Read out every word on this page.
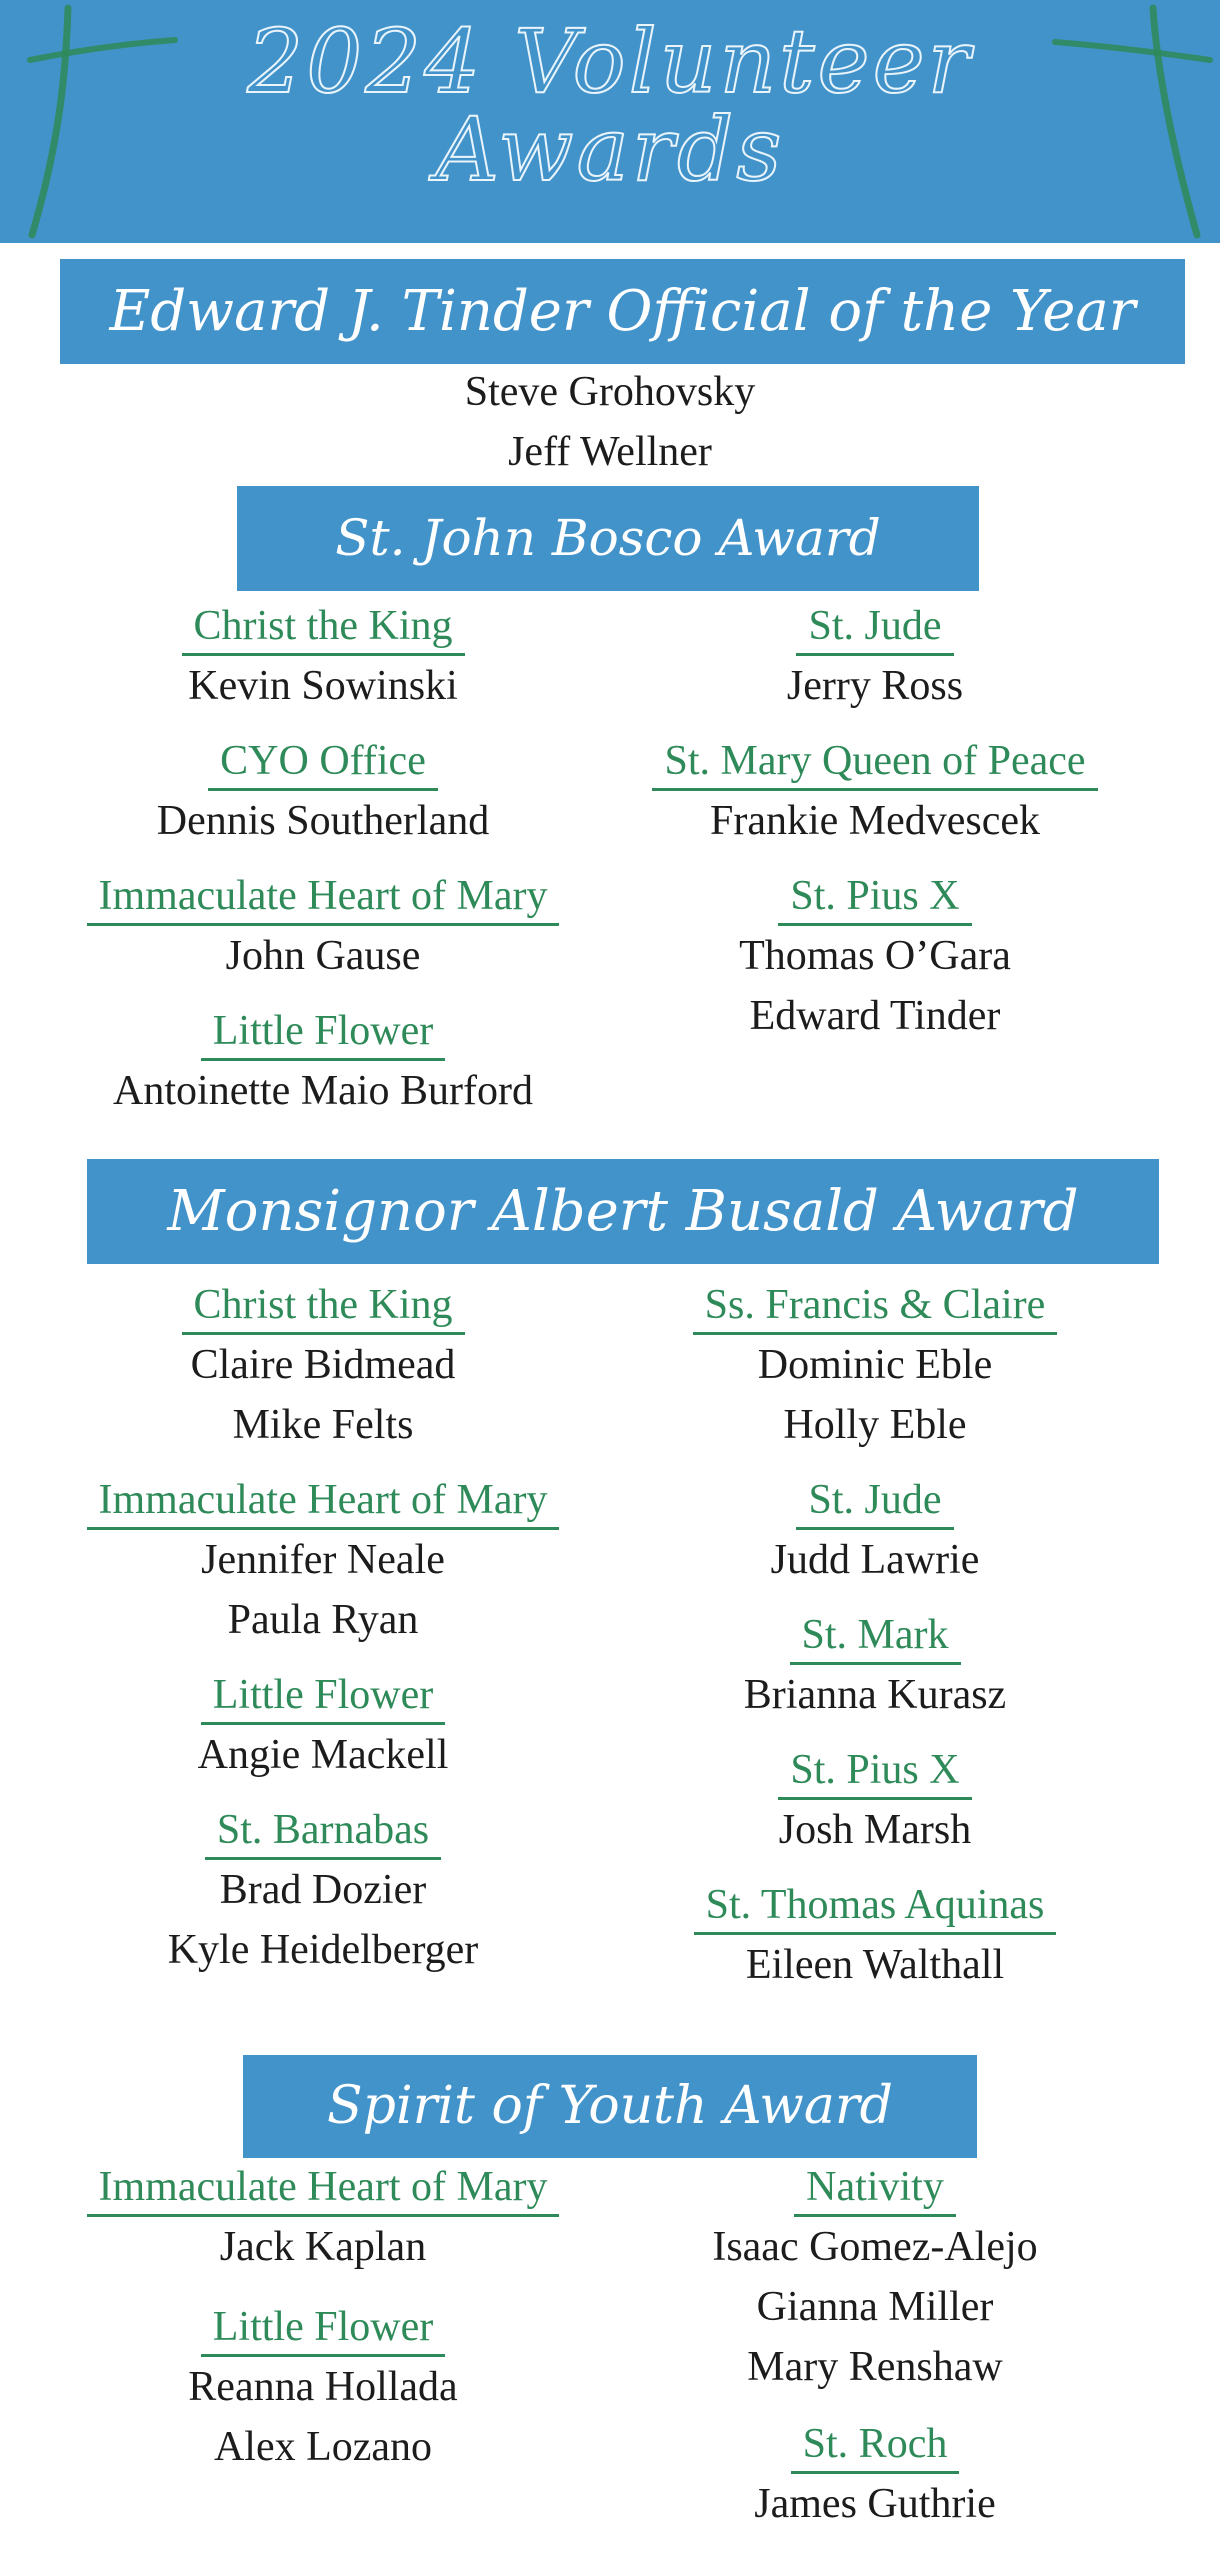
2024 Volunteer
Awards
Edward J. Tinder Official of the Year
Steve Grohovsky
Jeff Wellner
St. John Bosco Award
Christ the King
Kevin Sowinski
CYO Office
Dennis Southerland
Immaculate Heart of Mary
John Gause
Little Flower
Antoinette Maio Burford
St. Jude
Jerry Ross
St. Mary Queen of Peace
Frankie Medvescek
St. Pius X
Thomas O’Gara
Edward Tinder
Monsignor Albert Busald Award
Christ the King
Claire Bidmead
Mike Felts
Immaculate Heart of Mary
Jennifer Neale
Paula Ryan
Little Flower
Angie Mackell
St. Barnabas
Brad Dozier
Kyle Heidelberger
Ss. Francis & Claire
Dominic Eble
Holly Eble
St. Jude
Judd Lawrie
St. Mark
Brianna Kurasz
St. Pius X
Josh Marsh
St. Thomas Aquinas
Eileen Walthall
Spirit of Youth Award
Immaculate Heart of Mary
Jack Kaplan
Little Flower
Reanna Hollada
Alex Lozano
Nativity
Isaac Gomez-Alejo
Gianna Miller
Mary Renshaw
St. Roch
James Guthrie
